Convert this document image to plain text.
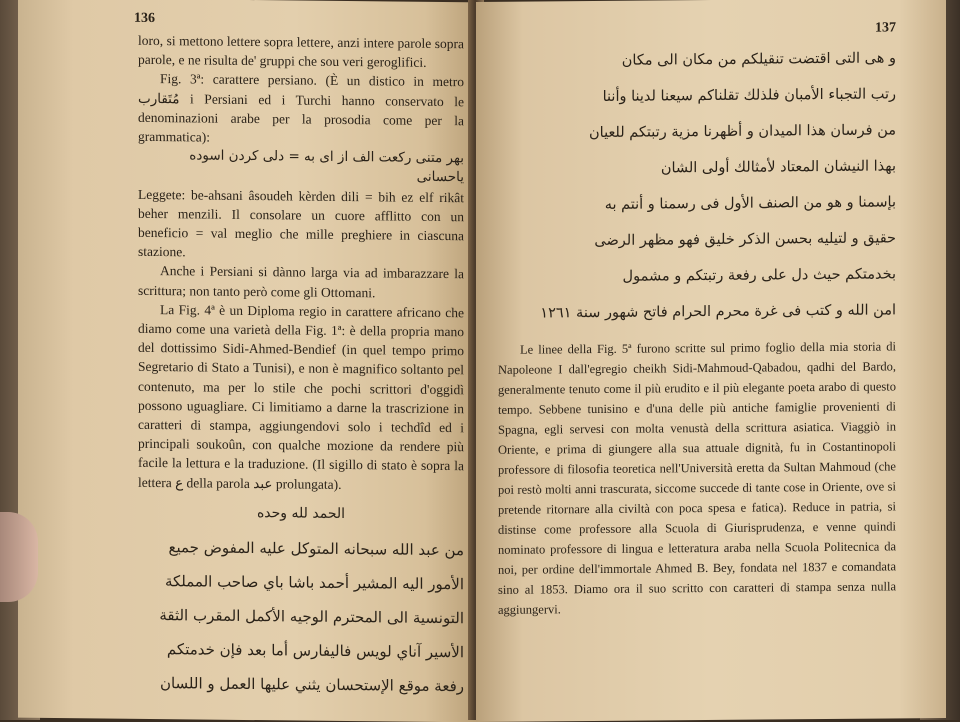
136

loro, si mettono lettere sopra lettere, anzi intere parole sopra parole, e ne risulta de' gruppi che sou veri geroglifici.

Fig. 3ª: carattere persiano. (È un distico in metro مُتَقارب i Persiani ed i Turchi hanno conservato le denominazioni arabe per la prosodia come per la grammatica):

بهر متنی رکعت الف از ای به = دلی کردن اسوده یاحسانی

Leggete: be-ahsani âsoudeh kèrden dili = bih ez elf rikât beher menzili. Il consolare un cuore afflitto con un beneficio = val meglio che mille preghiere in ciascuna stazione.

Anche i Persiani si dànno larga via ad imbarazzare la scrittura; non tanto però come gli Ottomani.

La Fig. 4ª è un Diploma regio in carattere africano che diamo come una varietà della Fig. 1ª: è della propria mano del dottissimo Sidi-Ahmed-Bendief (in quel tempo primo Segretario di Stato a Tunisi), e non è magnifico soltanto pel contenuto, ma per lo stile che pochi scrittori d'oggidì possono uguagliare. Ci limitiamo a darne la trascrizione in caratteri di stampa, aggiungendovi solo i techdîd ed i principali soukoûn, con qualche mozione da rendere più facile la lettura e la traduzione. (Il sigillo di stato è sopra la lettera ع della parola عبد prolungata).

الحمد لله وحده
من عبد الله سبحانه المتوكل عليه المفوض جميع
الأمور اليه المشير أحمد باشا باي صاحب المملكة
التونسية الى المحترم الوجيه الأكمل المقرب الثقة
الأسير آناي لويس فاليفارس أما بعد فإن خدمتكم
رفعة موقع الإستحسان يثني عليها العمل و اللسان
137
و هى التى اقتضت تنقيلكم من مكان الى مكان
رتب التجباء الأمبان فلذلك تقلناكم سيعنا لدينا وأننا
من فرسان هذا الميدان و أظهرنا مزية رتبتكم للعيان
بهذا النيشان المعتاد لأمثالك أولى الشان
بإسمنا و هو من الصنف الأول فى رسمنا و أنتم به
حقيق و لتيليه بحسن الذكر خليق فهو مظهر الرضى
بخدمتكم حيث دل على رفعة رتبتكم و مشمول
امن الله و كتب فى غرة محرم الحرام فاتح شهور سنة ١٢٦١

Le linee della Fig. 5ª furono scritte sul primo foglio della mia storia di Napoleone I dall'egregio cheikh Sidi-Mahmoud-Qabadou, qadhi del Bardo, generalmente tenuto come il più erudito e il più elegante poeta arabo di questo tempo. Sebbene tunisino e d'una delle più antiche famiglie provenienti di Spagna, egli servesi con molta venustà della scrittura asiatica. Viaggiò in Oriente, e prima di giungere alla sua attuale dignità, fu in Costantinopoli professore di filosofia teoretica nell'Università eretta da Sultan Mahmoud (che poi restò molti anni trascurata, siccome succede di tante cose in Oriente, ove si pretende ritornare alla civiltà con poca spesa e fatica). Reduce in patria, si distinse come professore alla Scuola di Giurisprudenza, e venne quindi nominato professore di lingua e letteratura araba nella Scuola Politecnica da noi, per ordine dell'immortale Ahmed B. Bey, fondata nel 1837 e comandata sino al 1853. Diamo ora il suo scritto con caratteri di stampa senza nulla aggiungervi.
